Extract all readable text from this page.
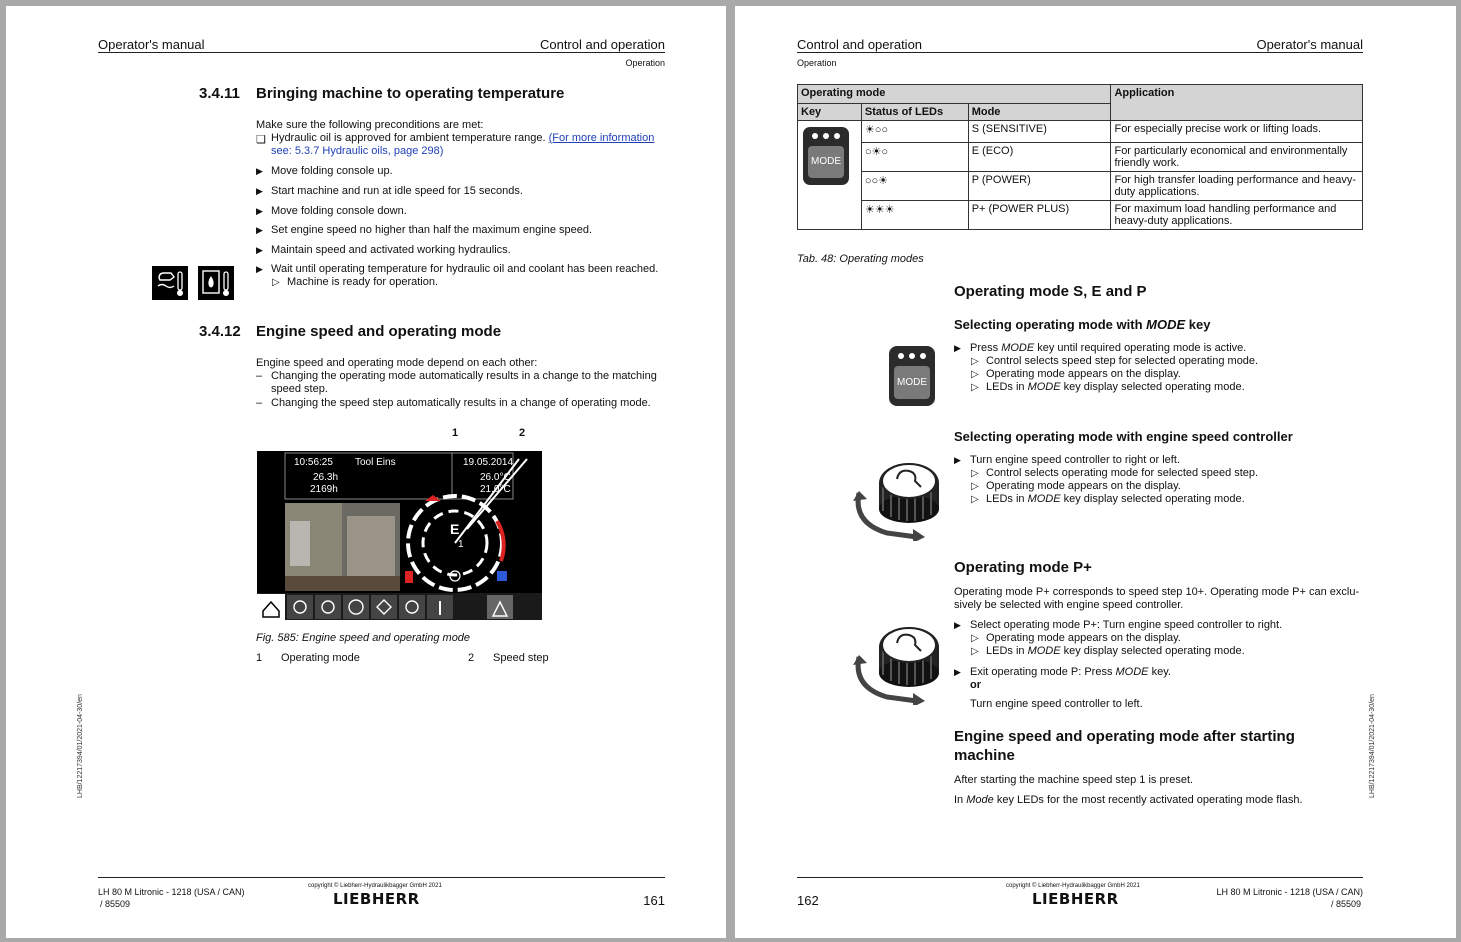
Operator's manual	Control and operation
Operation
3.4.11 Bringing machine to operating temperature
Make sure the following preconditions are met:
❑ Hydraulic oil is approved for ambient temperature range. (For more information
see: 5.3.7 Hydraulic oils, page 298)
▶ Move folding console up.
▶ Start machine and run at idle speed for 15 seconds.
▶ Move folding console down.
▶ Set engine speed no higher than half the maximum engine speed.
▶ Maintain speed and activated working hydraulics.
▶ Wait until operating temperature for hydraulic oil and coolant has been reached.
▷ Machine is ready for operation.
3.4.12 Engine speed and operating mode
Engine speed and operating mode depend on each other:
– Changing the operating mode automatically results in a change to the matching
speed step.
– Changing the speed step automatically results in a change of operating mode.
1	2
10:56:25 Tool Eins	19.05.2014
26.3h
2169h
26.0°C
21.0°C
E
1
Fig. 585: Engine speed and operating mode
1 Operating mode	2 Speed step
LHB/12217394/01/2021-04-30/en
LH 80 M Litronic - 1218 (USA / CAN)
/ 85509
copyright © Liebherr-Hydraulikbagger GmbH 2021
LIEBHERR	161
Control and operation	Operator's manual
Operation
Operating mode			Application
Key	Status of LEDs	Mode	

MODE	☀○○	S (SENSITIVE)	For especially precise work or lifting loads.
	○☀○	E (ECO)	For particularly economical and environmentally
friendly work.
	○○☀	P (POWER)	For high transfer loading performance and heavy-
duty applications.
	☀☀☀	P+ (POWER PLUS)	For maximum load handling performance and
heavy-duty applications.
Tab. 48: Operating modes
Operating mode S, E and P
Selecting operating mode with MODE key
MODE
▶ Press MODE key until required operating mode is active.
▷ Control selects speed step for selected operating mode.
▷ Operating mode appears on the display.
▷ LEDs in MODE key display selected operating mode.
Selecting operating mode with engine speed controller
▶ Turn engine speed controller to right or left.
▷ Control selects operating mode for selected speed step.
▷ Operating mode appears on the display.
▷ LEDs in MODE key display selected operating mode.
Operating mode P+
Operating mode P+ corresponds to speed step 10+. Operating mode P+ can exclu-
sively be selected with engine speed controller.
▶ Select operating mode P+: Turn engine speed controller to right.
▷ Operating mode appears on the display.
▷ LEDs in MODE key display selected operating mode.
▶ Exit operating mode P: Press MODE key.
or
Turn engine speed controller to left.
Engine speed and operating mode after starting
machine
After starting the machine speed step 1 is preset.
In Mode key LEDs for the most recently activated operating mode flash.
LHB/12217394/01/2021-04-30/en
162
copyright © Liebherr-Hydraulikbagger GmbH 2021
LIEBHERR	LH 80 M Litronic - 1218 (USA / CAN)
/ 85509
